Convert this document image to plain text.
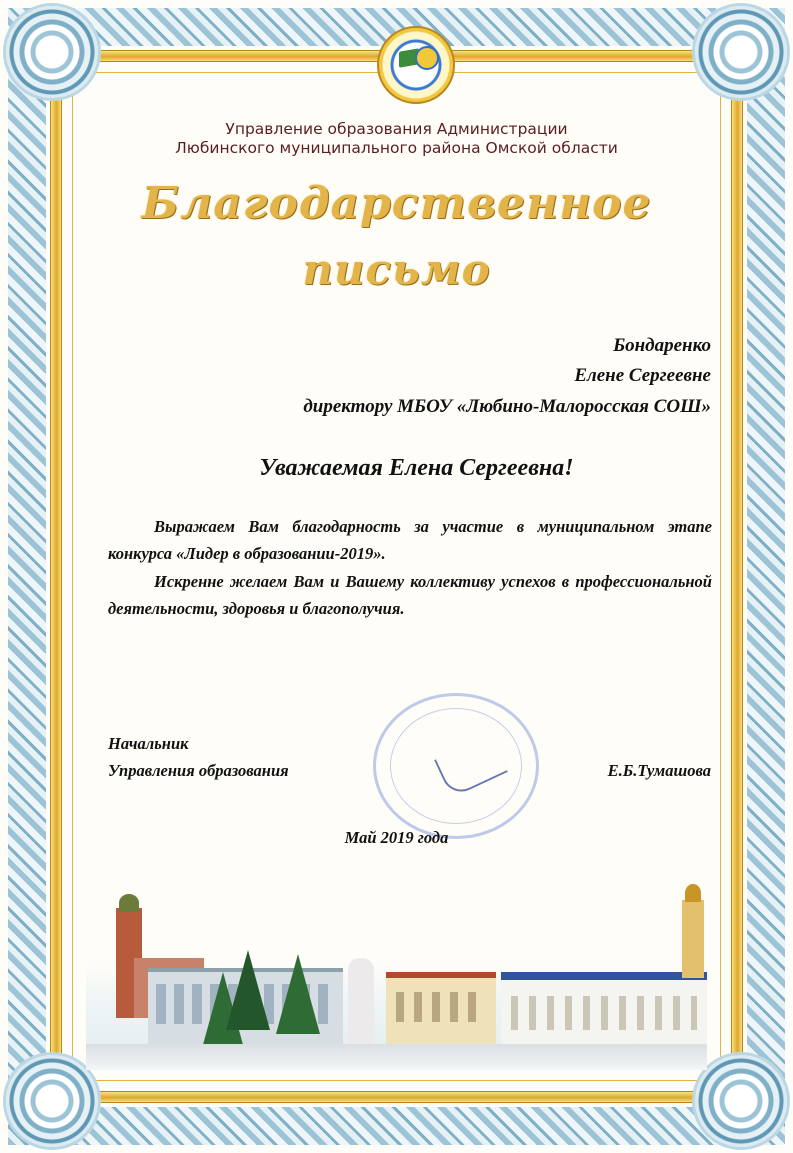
Управление образования Администрации
Любинского муниципального района Омской области
Благодарственное
письмо
Бондаренко
Елене Сергеевне
директору МБОУ «Любино-Малоросская СОШ»
Уважаемая Елена Сергеевна!
Выражаем Вам благодарность за участие в муниципальном этапе конкурса «Лидер в образовании-2019».
Искренне желаем Вам и Вашему коллективу успехов в профессиональной деятельности, здоровья и благополучия.
Начальник
Управления образования	Е.Б.Тумашова
Май 2019 года
